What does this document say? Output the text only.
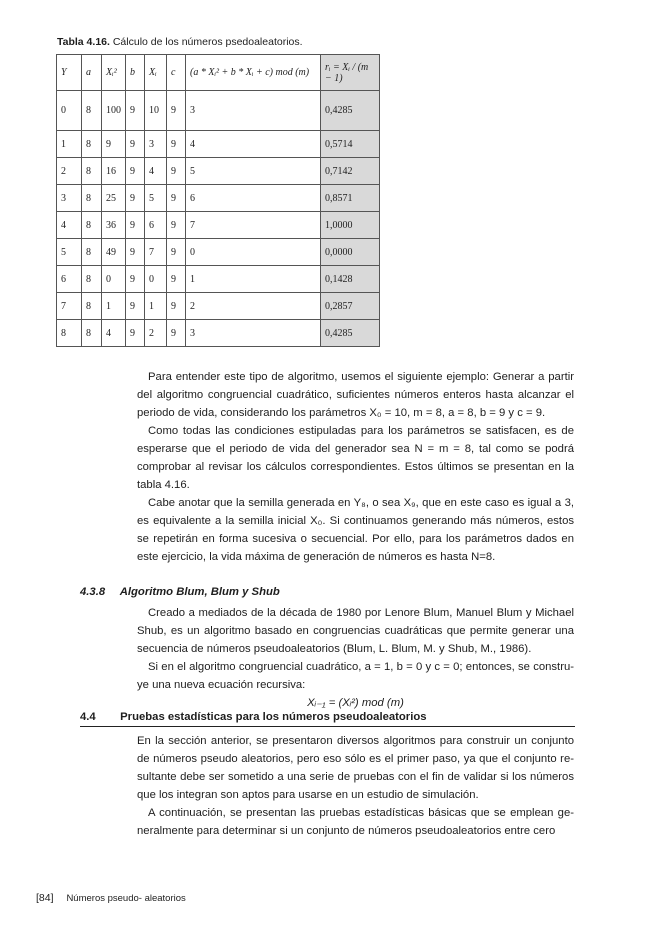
Tabla 4.16. Cálculo de los números psedoaleatorios.
Y	a	Xᵢ²	b	Xᵢ	c	(a * Xᵢ² + b * Xᵢ + c) mod (m)	rᵢ = Xᵢ / (m − 1)
0	8	100	9	10	9	3	0,4285
1	8	9	9	3	9	4	0,5714
2	8	16	9	4	9	5	0,7142
3	8	25	9	5	9	6	0,8571
4	8	36	9	6	9	7	1,0000
5	8	49	9	7	9	0	0,0000
6	8	0	9	0	9	1	0,1428
7	8	1	9	1	9	2	0,2857
8	8	4	9	2	9	3	0,4285

Para entender este tipo de algoritmo, usemos el siguiente ejemplo: Generar a partir del algoritmo congruencial cuadrático, suficientes números enteros hasta alcanzar el periodo de vida, considerando los parámetros X₀ = 10, m = 8, a = 8, b = 9 y c = 9.

Como todas las condiciones estipuladas para los parámetros se satisfacen, es de esperarse que el periodo de vida del generador sea N = m = 8, tal como se podrá comprobar al revisar los cálculos correspondientes. Estos últimos se presentan en la tabla 4.16.

Cabe anotar que la semilla generada en Y₈, o sea X₉, que en este caso es igual a 3, es equivalente a la semilla inicial X₀. Si continuamos generando más números, estos se repetirán en forma sucesiva o secuencial. Por ello, para los parámetros dados en este ejercicio, la vida máxima de generación de números es hasta N=8.

4.3.8 Algoritmo Blum, Blum y Shub

Creado a mediados de la década de 1980 por Lenore Blum, Manuel Blum y Michael Shub, es un algoritmo basado en congruencias cuadráticas que permite generar una secuencia de números pseudoaleatorios (Blum, L. Blum, M. y Shub, M., 1986).

Si en el algoritmo congruencial cuadrático, a = 1, b = 0 y c = 0; entonces, se constru-ye una nueva ecuación recursiva:

Xᵢ₋₁ = (Xᵢ²) mod (m)

4.4 Pruebas estadísticas para los números pseudoaleatorios

En la sección anterior, se presentaron diversos algoritmos para construir un conjunto de números pseudo aleatorios, pero eso sólo es el primer paso, ya que el conjunto re-sultante debe ser sometido a una serie de pruebas con el fin de validar si los números que los integran son aptos para usarse en un estudio de simulación.

A continuación, se presentan las pruebas estadísticas básicas que se emplean ge-neralmente para determinar si un conjunto de números pseudoaleatorios entre cero

[84] Números pseudo- aleatorios
